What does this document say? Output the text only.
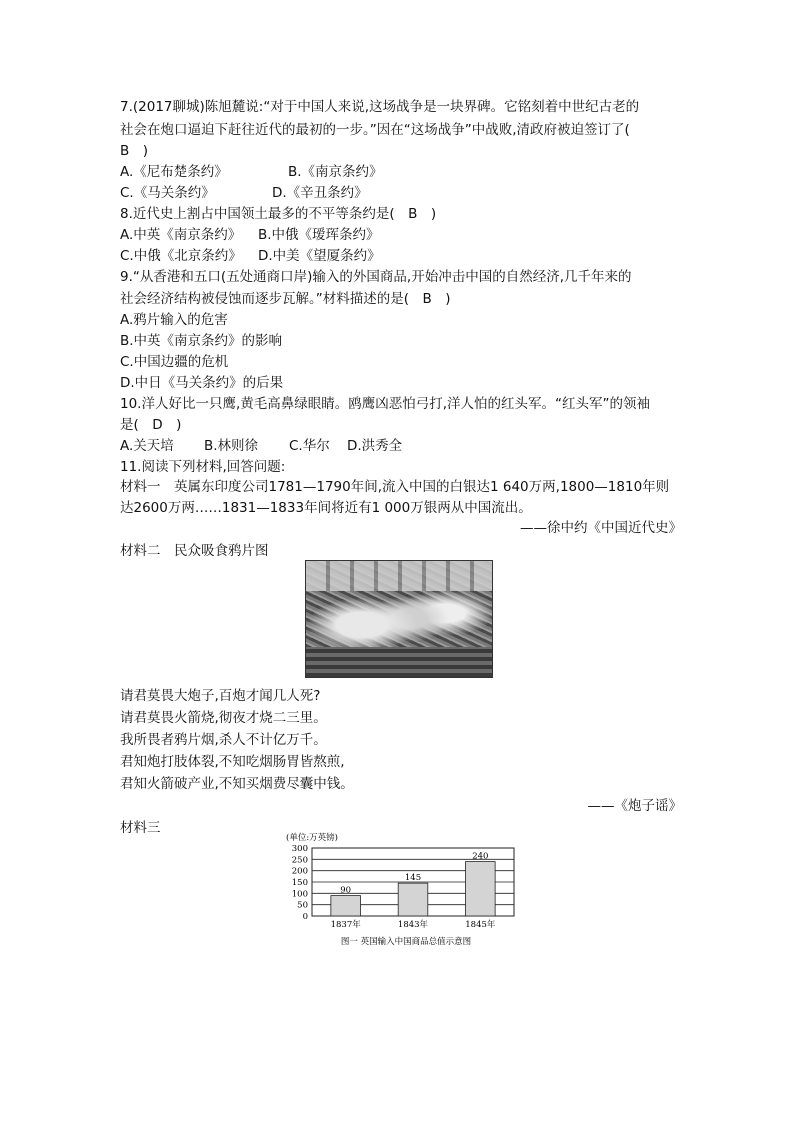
7.(2017聊城)陈旭麓说:“对于中国人来说,这场战争是一块界碑。它铭刻着中世纪古老的
社会在炮口逼迫下赶往近代的最初的一步。”因在“这场战争”中战败,清政府被迫签订了(
B　)
A.《尼布楚条约》	B.《南京条约》
C.《马关条约》	D.《辛丑条约》
8.近代史上割占中国领土最多的不平等条约是(　B　)
A.中英《南京条约》 B.中俄《瑷珲条约》
C.中俄《北京条约》 D.中美《望厦条约》
9.“从香港和五口(五处通商口岸)输入的外国商品,开始冲击中国的自然经济,几千年来的
社会经济结构被侵蚀而逐步瓦解。”材料描述的是(　B　)
A.鸦片输入的危害
B.中英《南京条约》的影响
C.中国边疆的危机
D.中日《马关条约》的后果
10.洋人好比一只鹰,黄毛高鼻绿眼睛。鸥鹰凶恶怕弓打,洋人怕的红头军。“红头军”的领袖
是(　D　)
A.关天培 B.林则徐 C.华尔 D.洪秀全
11.阅读下列材料,回答问题:
材料一　英属东印度公司1781—1790年间,流入中国的白银达1 640万两,1800—1810年则
达2600万两……1831—1833年间将近有1 000万银两从中国流出。
——徐中约《中国近代史》
材料二　民众吸食鸦片图
请君莫畏大炮子,百炮才闻几人死?
请君莫畏火箭烧,彻夜才烧二三里。
我所畏者鸦片烟,杀人不计亿万千。
君知炮打肢体裂,不知吃烟肠胃皆熬煎,
君知火箭破产业,不知买烟费尽囊中钱。
——《炮子谣》
材料三
(单位:万英镑)
300
250
200
150
100
50
0
90
1837年
145
1843年
240
1845年
图一 英国输入中国商品总值示意图
